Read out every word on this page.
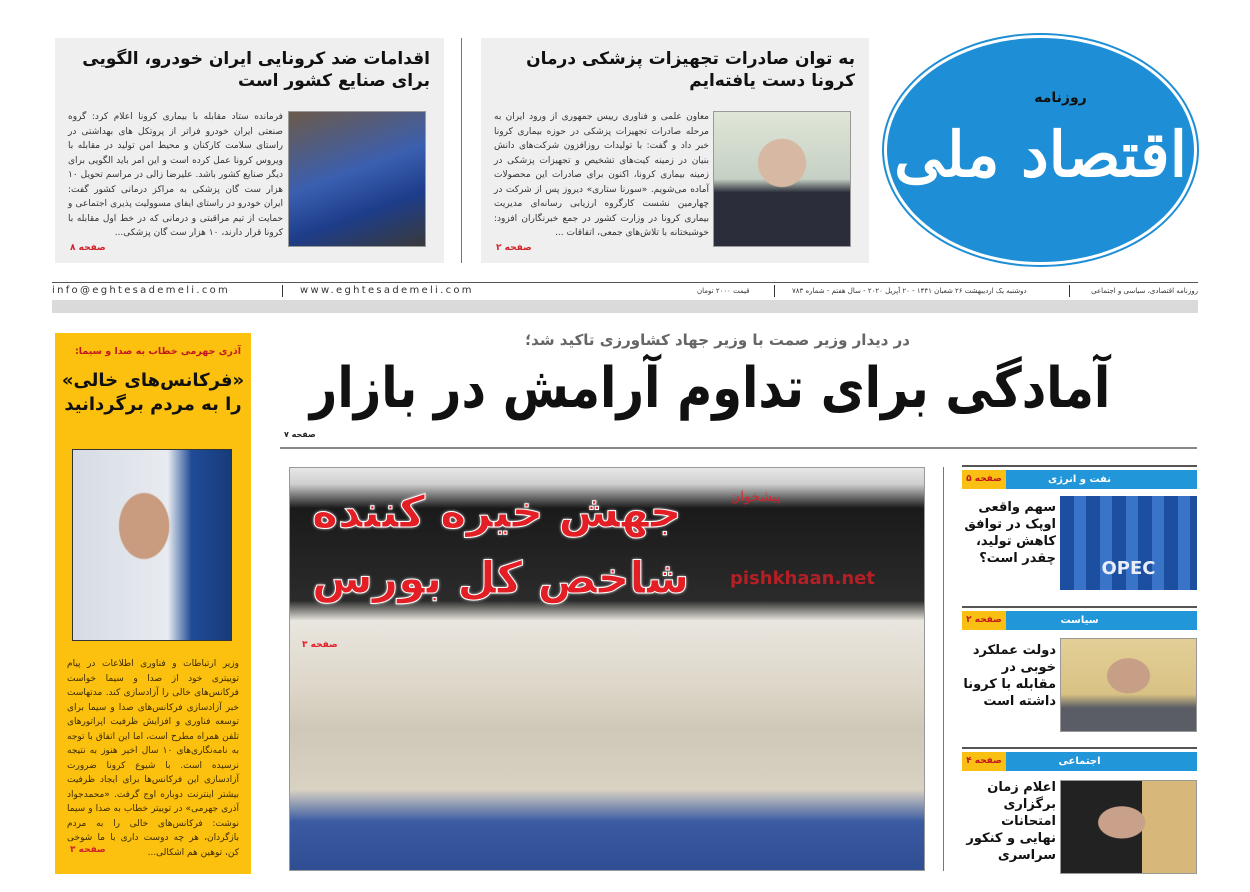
اقدامات ضد کرونایی ایران خودرو، الگویی برای صنایع کشور است
فرمانده ستاد مقابله با بیماری کرونا اعلام کرد: گروه صنعتی ایران خودرو فراتر از پروتکل های بهداشتی در راستای سلامت کارکنان و محیط امن تولید در مقابله با ویروس کرونا عمل کرده است و این امر باید الگویی برای دیگر صنایع کشور باشد. علیرضا زالی در مراسم تحویل ۱۰ هزار ست گان پزشکی به مراکز درمانی کشور گفت: ایران خودرو در راستای ایفای مسوولیت پذیری اجتماعی و حمایت از تیم مراقبتی و درمانی که در خط اول مقابله با کرونا قرار دارند، ۱۰ هزار ست گان پزشکی...
صفحه ۸
به توان صادرات تجهیزات پزشکی درمان کرونا دست یافته‌ایم
معاون علمی و فناوری رییس جمهوری از ورود ایران به مرحله صادرات تجهیزات پزشکی در حوزه بیماری کرونا خبر داد و گفت: با تولیدات روزافزون شرکت‌های دانش بنیان در زمینه کیت‌های تشخیص و تجهیزات پزشکی در زمینه بیماری کرونا، اکنون برای صادرات این محصولات آماده می‌شویم. «سورنا ستاری» دیروز پس از شرکت در چهارمین نشست کارگروه ارزیابی رسانه‌ای مدیریت بیماری کرونا در وزارت کشور در جمع خبرنگاران افزود: خوشبختانه با تلاش‌های جمعی، اتفاقات ...
صفحه ۲
روزنامه
اقتصاد ملی
info@eghtesademeli.com	www.eghtesademeli.com	قیمت ۲۰۰۰ تومان	دوشنبه یک اردیبهشت ۲۶ شعبان ۱۴۴۱ - ۲۰ آپریل ۲۰۲۰ - سال هفتم - شماره ۷۸۳	روزنامه اقتصادی، سیاسی و اجتماعی
آذری جهرمی خطاب به صدا و سیما:
«فرکانس‌های خالی» را به مردم برگردانید
وزیر ارتباطات و فناوری اطلاعات در پیام توییتری خود از صدا و سیما خواست فرکانس‌های خالی را آزادسازی کند. مدتهاست خبر آزادسازی فرکانس‌های صدا و سیما برای توسعه فناوری و افزایش ظرفیت اپراتورهای تلفن همراه مطرح است، اما این اتفاق با توجه به نامه‌نگاری‌های ۱۰ سال اخیر هنوز به نتیجه نرسیده است. با شیوع کرونا ضرورت آزادسازی این فرکانس‌ها برای ایجاد ظرفیت بیشتر اینترنت دوباره اوج گرفت. «محمدجواد آذری جهرمی» در توییتر خطاب به صدا و سیما نوشت: فرکانس‌های خالی را به مردم بازگردان، هر چه دوست داری با ما شوخی کن، توهین هم اشکالی...
صفحه ۳
در دیدار وزیر صمت با وزیر جهاد کشاورزی تاکید شد؛
آمادگی برای تداوم آرامش در بازار
صفحه ۷
جهش خیره کننده
شاخص کل بورس
پیشخوان
pishkhaan.net
صفحه ۳
نفت و انرژی
صفحه ۵
OPEC
سهم واقعی اوپک در توافق کاهش تولید، چقدر است؟
سیاست
صفحه ۲
دولت عملکرد خوبی در مقابله با کرونا داشته است
اجتماعی
صفحه ۴
اعلام زمان برگزاری امتحانات نهایی و کنکور سراسری
